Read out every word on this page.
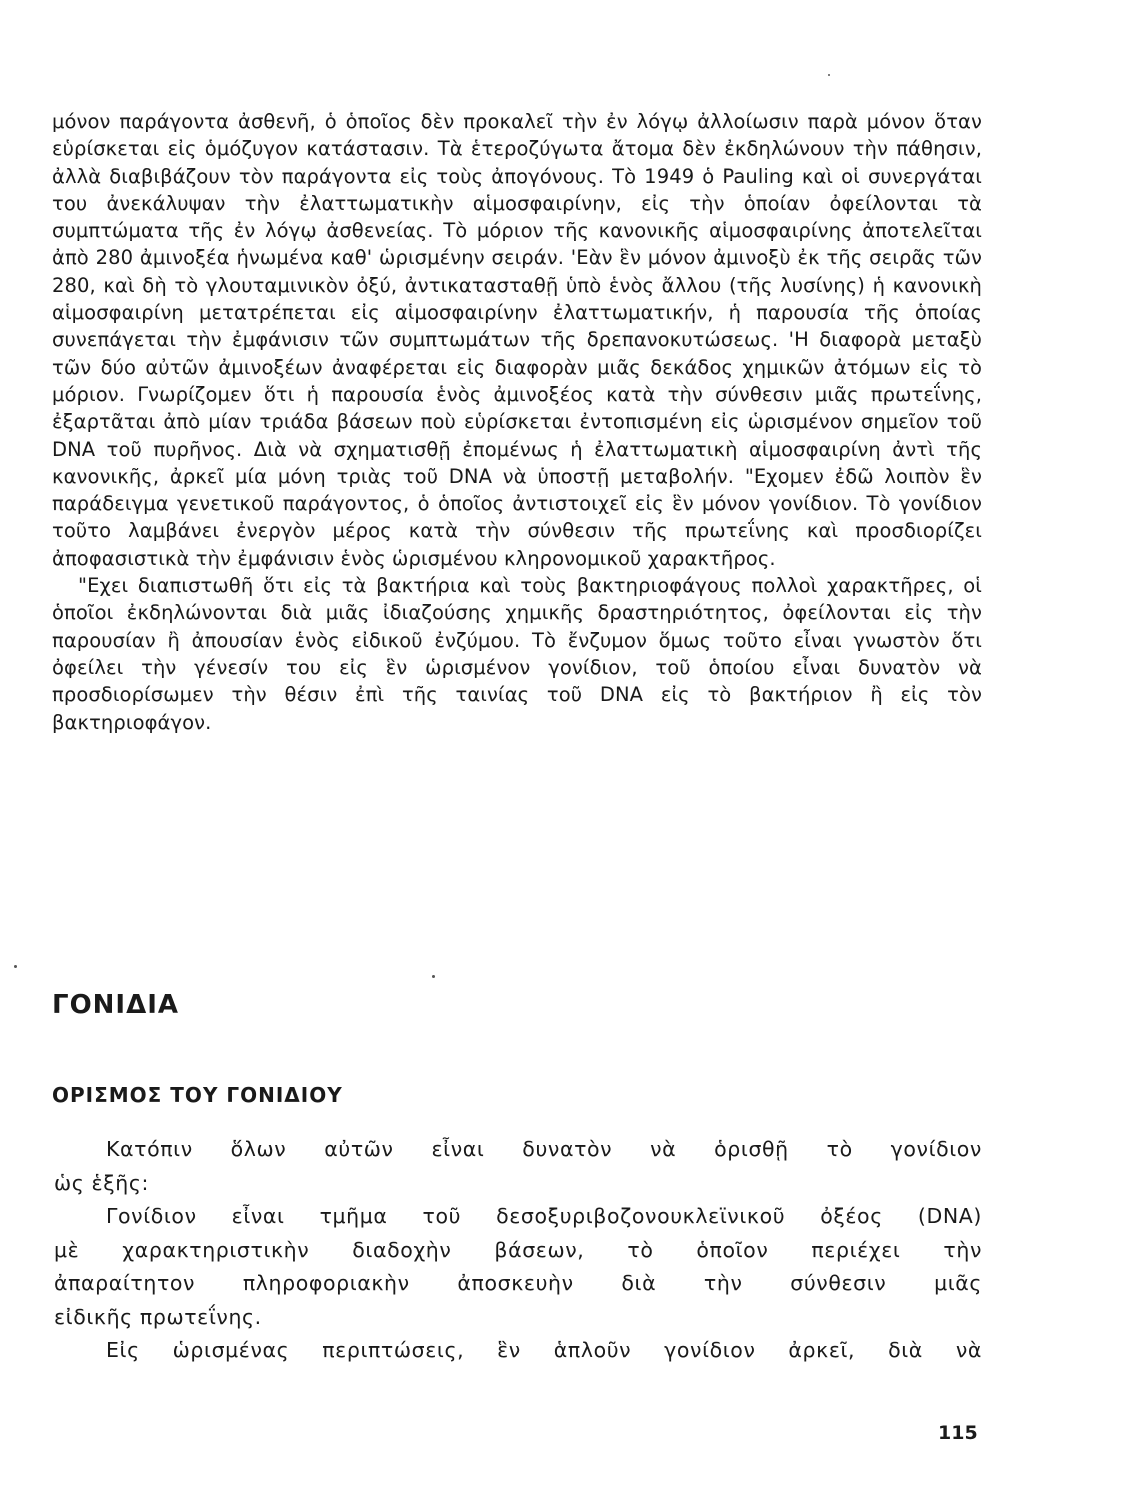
μόνον παράγοντα ἀσθενῆ, ὁ ὁποῖος δὲν προκαλεῖ τὴν ἐν λόγῳ ἀλλοίωσιν παρὰ μόνον ὅταν εὑρίσκεται εἰς ὁμόζυγον κατάστασιν. Τὰ ἑτεροζύγωτα ἄτομα δὲν ἐκδηλώνουν τὴν πάθησιν, ἀλλὰ διαβιβάζουν τὸν παράγοντα εἰς τοὺς ἀπογόνους. Τὸ 1949 ὁ Pauling καὶ οἱ συνεργάται του ἀνεκάλυψαν τὴν ἐλαττωματικὴν αἱμοσφαιρίνην, εἰς τὴν ὁποίαν ὀφείλονται τὰ συμπτώματα τῆς ἐν λόγῳ ἀσθενείας. Τὸ μόριον τῆς κανονικῆς αἱμοσφαιρίνης ἀποτελεῖται ἀπὸ 280 ἀμινοξέα ἡνωμένα καθ' ὡρισμένην σειράν. 'Εὰν ἓν μόνον ἀμινοξὺ ἐκ τῆς σειρᾶς τῶν 280, καὶ δὴ τὸ γλουταμινικὸν ὀξύ, ἀντικατασταθῇ ὑπὸ ἑνὸς ἄλλου (τῆς λυσίνης) ἡ κανονικὴ αἱμοσφαιρίνη μετατρέπεται εἰς αἱμοσφαιρίνην ἐλαττωματικήν, ἡ παρουσία τῆς ὁποίας συνεπάγεται τὴν ἐμφάνισιν τῶν συμπτωμάτων τῆς δρεπανοκυτώσεως. 'Η διαφορὰ μεταξὺ τῶν δύο αὐτῶν ἀμινοξέων ἀναφέρεται εἰς διαφορὰν μιᾶς δεκάδος χημικῶν ἀτόμων εἰς τὸ μόριον. Γνωρίζομεν ὅτι ἡ παρουσία ἑνὸς ἀμινοξέος κατὰ τὴν σύνθεσιν μιᾶς πρωτεΐνης, ἐξαρτᾶται ἀπὸ μίαν τριάδα βάσεων ποὺ εὑρίσκεται ἐντοπισμένη εἰς ὡρισμένον σημεῖον τοῦ DNA τοῦ πυρῆνος. Διὰ νὰ σχηματισθῇ ἐπομένως ἡ ἐλαττωματικὴ αἱμοσφαιρίνη ἀντὶ τῆς κανονικῆς, ἀρκεῖ μία μόνη τριὰς τοῦ DNA νὰ ὑποστῇ μεταβολήν. "Εχομεν ἐδῶ λοιπὸν ἓν παράδειγμα γενετικοῦ παράγοντος, ὁ ὁποῖος ἀντιστοιχεῖ εἰς ἓν μόνον γονίδιον. Τὸ γονίδιον τοῦτο λαμβάνει ἐνεργὸν μέρος κατὰ τὴν σύνθεσιν τῆς πρωτεΐνης καὶ προσδιορίζει ἀποφασιστικὰ τὴν ἐμφάνισιν ἑνὸς ὡρισμένου κληρονομικοῦ χαρακτῆρος.

"Εχει διαπιστωθῆ ὅτι εἰς τὰ βακτήρια καὶ τοὺς βακτηριοφάγους πολλοὶ χαρακτῆρες, οἱ ὁποῖοι ἐκδηλώνονται διὰ μιᾶς ἰδιαζούσης χημικῆς δραστηριότητος, ὀφείλονται εἰς τὴν παρουσίαν ἢ ἀπουσίαν ἑνὸς εἰδικοῦ ἐνζύμου. Τὸ ἔνζυμον ὅμως τοῦτο εἶναι γνωστὸν ὅτι ὀφείλει τὴν γένεσίν του εἰς ἓν ὡρισμένον γονίδιον, τοῦ ὁποίου εἶναι δυνατὸν νὰ προσδιορίσωμεν τὴν θέσιν ἐπὶ τῆς ταινίας τοῦ DNA εἰς τὸ βακτήριον ἢ εἰς τὸν βακτηριοφάγον.

ΓΟΝΙΔΙΑ
ΟΡΙΣΜΟΣ ΤΟΥ ΓΟΝΙΔΙΟΥ

Κατόπιν ὅλων αὐτῶν εἶναι δυνατὸν νὰ ὁρισθῇ τὸ γονίδιον

ὡς ἑξῆς:

Γονίδιον εἶναι τμῆμα τοῦ δεσοξυριβοζονουκλεϊνικοῦ ὀξέος (DNA)

μὲ χαρακτηριστικὴν διαδοχὴν βάσεων, τὸ ὁποῖον περιέχει τὴν

ἀπαραίτητον πληροφοριακὴν ἀποσκευὴν διὰ τὴν σύνθεσιν μιᾶς

εἰδικῆς πρωτεΐνης.

Εἰς ὡρισμένας περιπτώσεις, ἓν ἁπλοῦν γονίδιον ἀρκεῖ, διὰ νὰ

115
